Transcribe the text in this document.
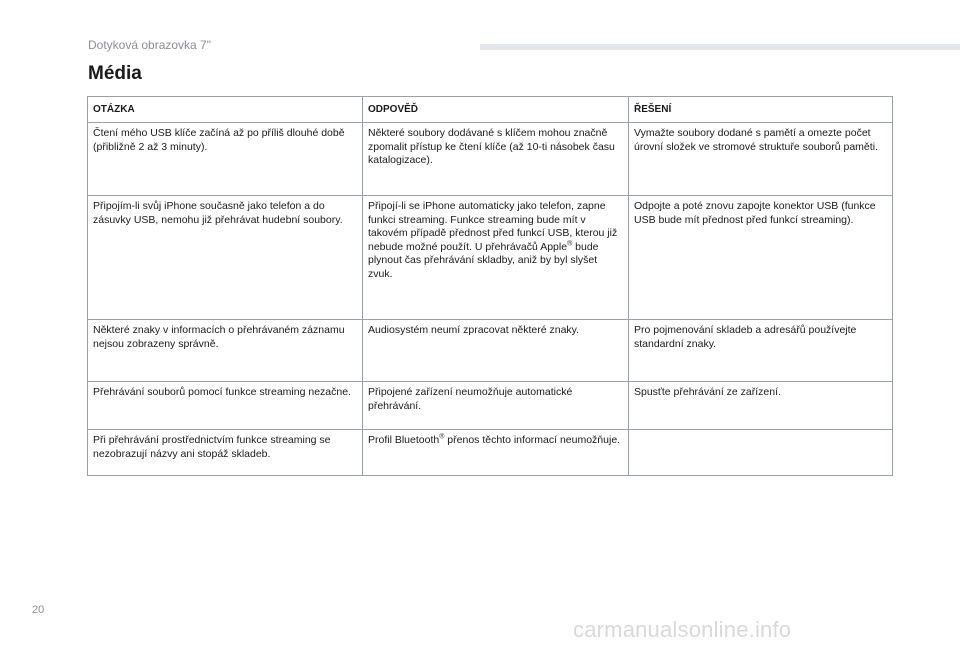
Dotyková obrazovka 7"
Média
OTÁZKA	ODPOVĚĎ	ŘEŠENÍ
Čtení mého USB klíče začíná až po příliš dlouhé době (přibližně 2 až 3 minuty).	Některé soubory dodávané s klíčem mohou značně zpomalit přístup ke čtení klíče (až 10-ti násobek času katalogizace).	Vymažte soubory dodané s pamětí a omezte počet úrovní složek ve stromové struktuře souborů paměti.
Připojím-li svůj iPhone současně jako telefon a do zásuvky USB, nemohu již přehrávat hudební soubory.	Připojí-li se iPhone automaticky jako telefon, zapne funkci streaming. Funkce streaming bude mít v takovém případě přednost před funkcí USB, kterou již nebude možné použít. U přehrávačů Apple® bude plynout čas přehrávání skladby, aniž by byl slyšet zvuk.	Odpojte a poté znovu zapojte konektor USB (funkce USB bude mít přednost před funkcí streaming).
Některé znaky v informacích o přehrávaném záznamu nejsou zobrazeny správně.	Audiosystém neumí zpracovat některé znaky.	Pro pojmenování skladeb a adresářů používejte standardní znaky.
Přehrávání souborů pomocí funkce streaming nezačne.	Připojené zařízení neumožňuje automatické přehrávání.	Spusťte přehrávání ze zařízení.
Při přehrávání prostřednictvím funkce streaming se nezobrazují názvy ani stopáž skladeb.	Profil Bluetooth® přenos těchto informací neumožňuje.	
20
carmanualsonline.info
